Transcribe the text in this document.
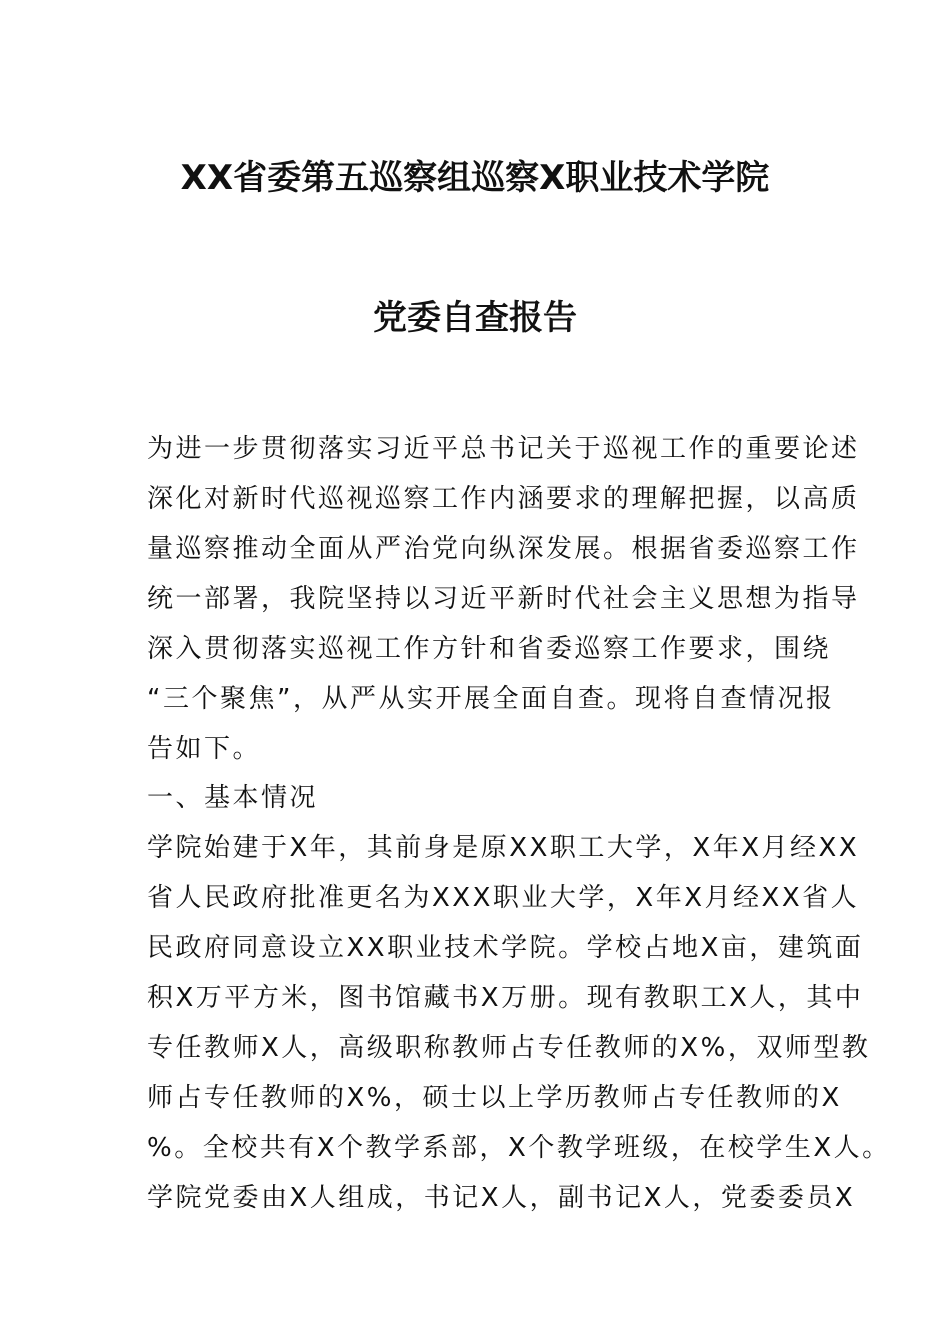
XX省委第五巡察组巡察X职业技术学院
党委自查报告
为进一步贯彻落实习近平总书记关于巡视工作的重要论述
深化对新时代巡视巡察工作内涵要求的理解把握，以高质
量巡察推动全面从严治党向纵深发展。根据省委巡察工作
统一部署，我院坚持以习近平新时代社会主义思想为指导
深入贯彻落实巡视工作方针和省委巡察工作要求，围绕
“三个聚焦”，从严从实开展全面自查。现将自查情况报
告如下。
一、基本情况
学院始建于X年，其前身是原XX职工大学，X年X月经XX
省人民政府批准更名为XXX职业大学，X年X月经XX省人
民政府同意设立XX职业技术学院。学校占地X亩，建筑面
积X万平方米，图书馆藏书X万册。现有教职工X人，其中
专任教师X人，高级职称教师占专任教师的X%，双师型教
师占专任教师的X%，硕士以上学历教师占专任教师的X
%。全校共有X个教学系部，X个教学班级，在校学生X人。
学院党委由X人组成，书记X人，副书记X人，党委委员X
